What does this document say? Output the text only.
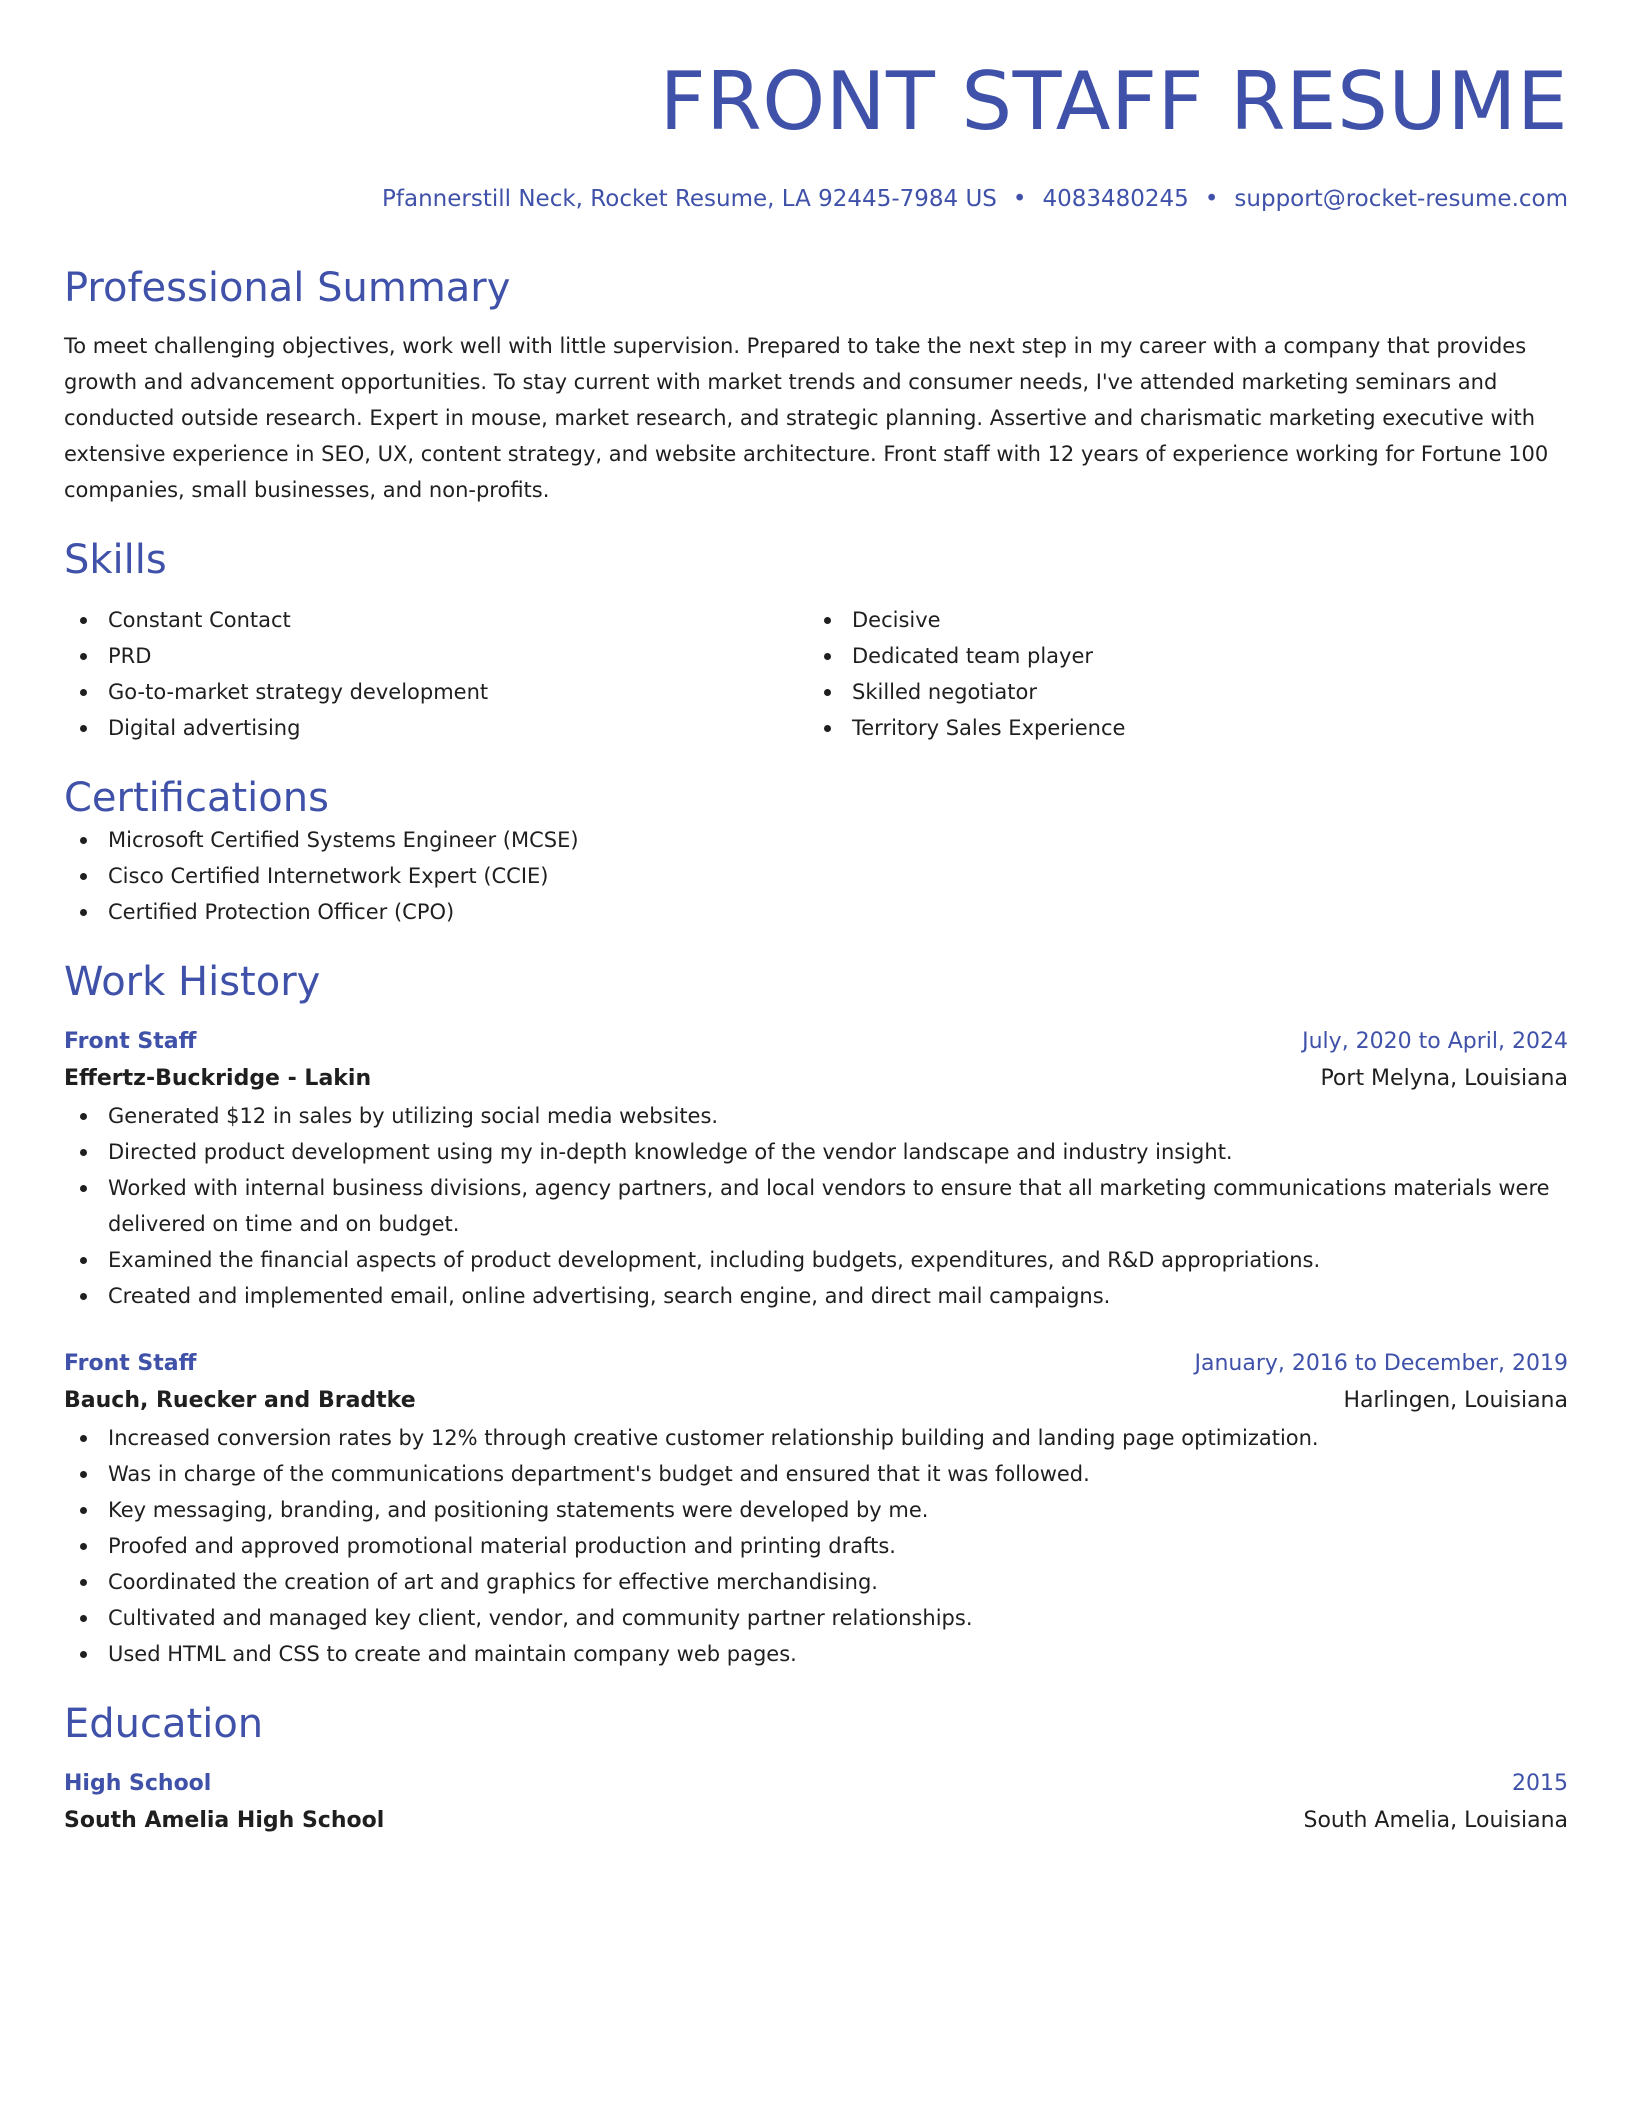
FRONT STAFF RESUME
Pfannerstill Neck, Rocket Resume, LA 92445-7984 US • 4083480245 • support@rocket-resume.com
Professional Summary
To meet challenging objectives, work well with little supervision. Prepared to take the next step in my career with a company that provides growth and advancement opportunities. To stay current with market trends and consumer needs, I've attended marketing seminars and conducted outside research. Expert in mouse, market research, and strategic planning. Assertive and charismatic marketing executive with extensive experience in SEO, UX, content strategy, and website architecture. Front staff with 12 years of experience working for Fortune 100 companies, small businesses, and non-profits.
Skills
Constant Contact
PRD
Go-to-market strategy development
Digital advertising
Decisive
Dedicated team player
Skilled negotiator
Territory Sales Experience
Certifications
Microsoft Certified Systems Engineer (MCSE)
Cisco Certified Internetwork Expert (CCIE)
Certified Protection Officer (CPO)
Work History
Front Staff	July, 2020 to April, 2024
Effertz-Buckridge - Lakin	Port Melyna, Louisiana
Generated $12 in sales by utilizing social media websites.
Directed product development using my in-depth knowledge of the vendor landscape and industry insight.
Worked with internal business divisions, agency partners, and local vendors to ensure that all marketing communications materials were delivered on time and on budget.
Examined the financial aspects of product development, including budgets, expenditures, and R&D appropriations.
Created and implemented email, online advertising, search engine, and direct mail campaigns.
Front Staff	January, 2016 to December, 2019
Bauch, Ruecker and Bradtke	Harlingen, Louisiana
Increased conversion rates by 12% through creative customer relationship building and landing page optimization.
Was in charge of the communications department's budget and ensured that it was followed.
Key messaging, branding, and positioning statements were developed by me.
Proofed and approved promotional material production and printing drafts.
Coordinated the creation of art and graphics for effective merchandising.
Cultivated and managed key client, vendor, and community partner relationships.
Used HTML and CSS to create and maintain company web pages.
Education
High School	2015
South Amelia High School	South Amelia, Louisiana
